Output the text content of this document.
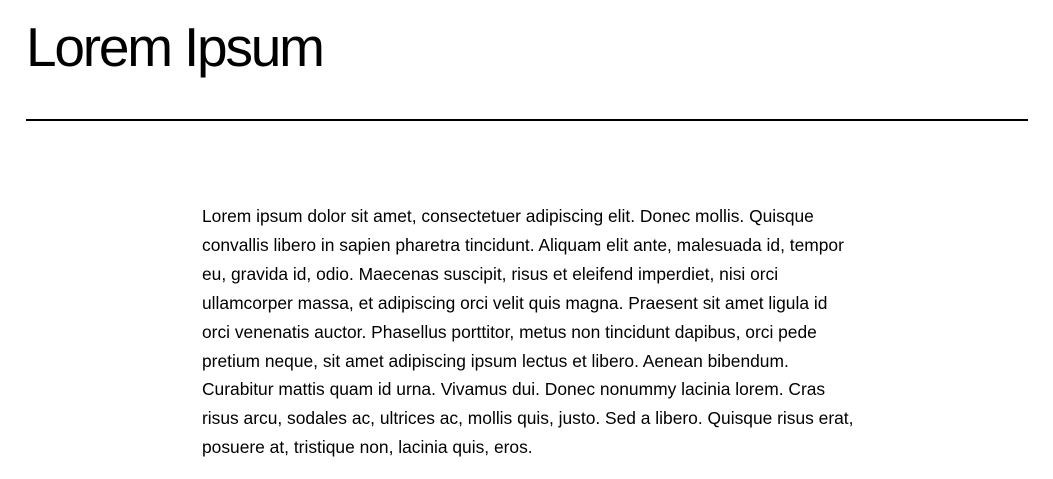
Lorem Ipsum

Lorem ipsum dolor sit amet, consectetuer adipiscing elit. Donec mollis. Quisque convallis libero in sapien pharetra tincidunt. Aliquam elit ante, malesuada id, tempor eu, gravida id, odio. Maecenas suscipit, risus et eleifend imperdiet, nisi orci ullamcorper massa, et adipiscing orci velit quis magna. Praesent sit amet ligula id orci venenatis auctor. Phasellus porttitor, metus non tincidunt dapibus, orci pede pretium neque, sit amet adipiscing ipsum lectus et libero. Aenean bibendum. Curabitur mattis quam id urna. Vivamus dui. Donec nonummy lacinia lorem. Cras risus arcu, sodales ac, ultrices ac, mollis quis, justo. Sed a libero. Quisque risus erat, posuere at, tristique non, lacinia quis, eros.
